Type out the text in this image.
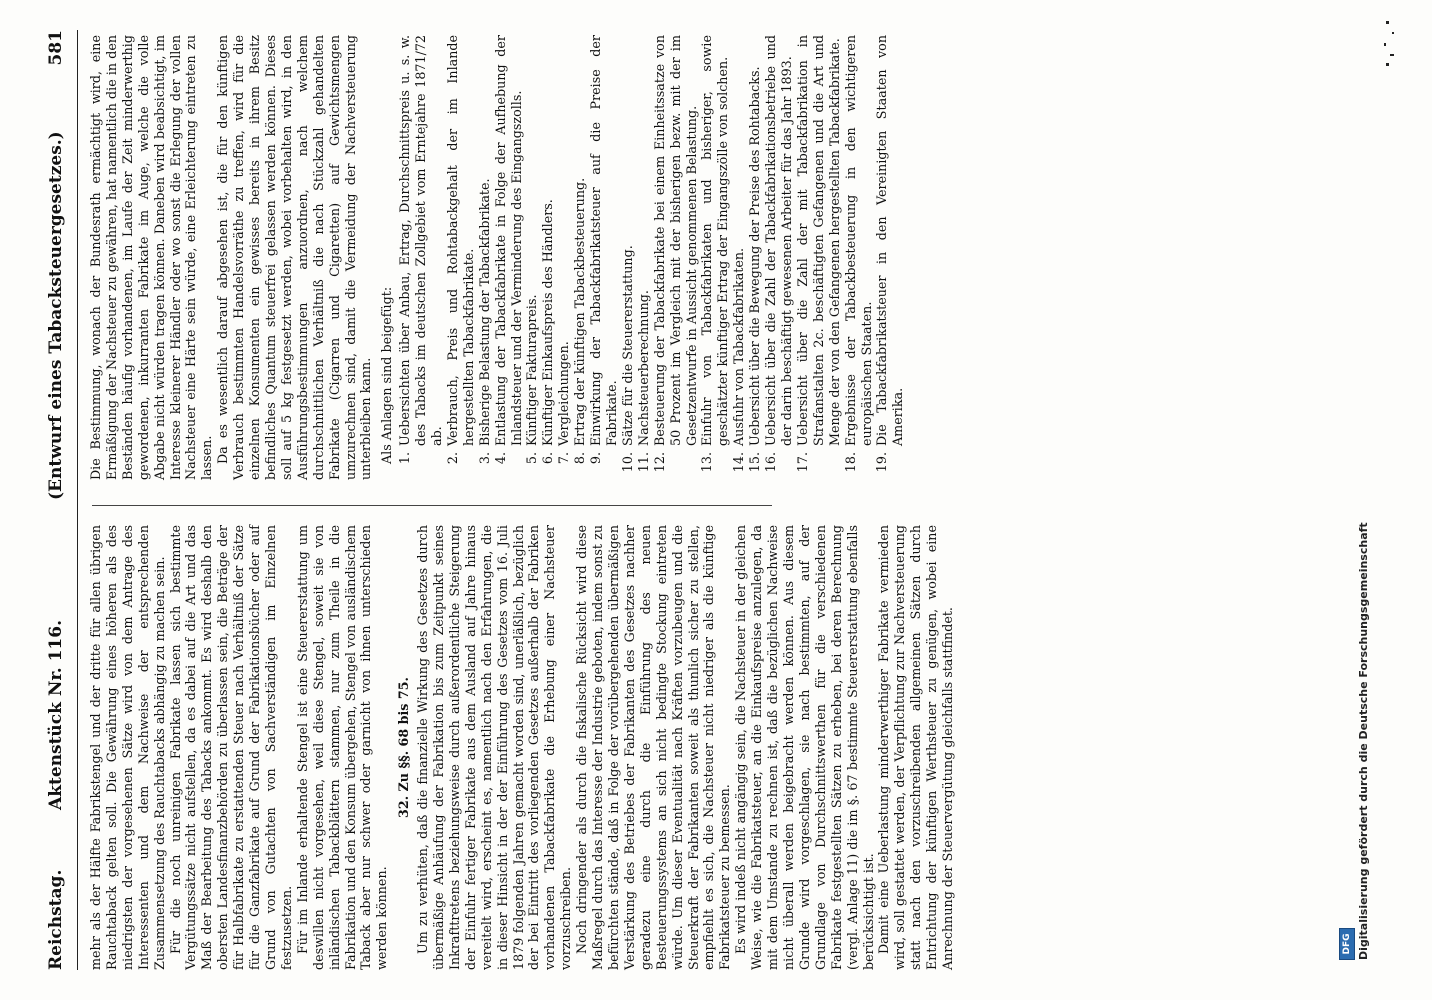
Reichstag.
Aktenstück Nr. 116.
(Entwurf eines Tabacksteuergesetzes.)
581

mehr als der Hälfte Fabrikstengel und der dritte für allen übrigen Rauchtaback gelten soll. Die Gewährung eines höheren als des niedrigsten der vorgesehenen Sätze wird von dem Antrage des Interessenten und dem Nachweise der entsprechenden Zusammensetzung des Rauchtabacks abhängig zu machen sein. Für die noch unreinigen Fabrikate lassen sich bestimmte Vergütungssätze nicht aufstellen, da es dabei auf die Art und das Maß der Bearbeitung des Tabacks ankommt. Es wird deshalb den obersten Landesfinanzbehörden zu überlassen sein, die Beträge der für Halbfabrikate zu erstattenden Steuer nach Verhältniß der Sätze für die Ganzfabrikate auf Grund der Fabrikationsbücher oder auf Grund von Gutachten von Sachverständigen im Einzelnen festzusetzen. Für im Inlande erhaltende Stengel ist eine Steuererstattung um deswillen nicht vorgesehen, weil diese Stengel, soweit sie von inländischen Tabackblättern stammen, nur zum Theile in die Fabrikation und den Konsum übergehen, Stengel von ausländischem Taback aber nur schwer oder garnicht von ihnen unterschieden werden können.

32. Zu §§. 68 bis 75. Um zu verhüten, daß die finanzielle Wirkung des Gesetzes durch übermäßige Anhäufung der Fabrikation bis zum Zeitpunkt seines Inkrafttretens beziehungsweise durch außerordentliche Steigerung der Einfuhr fertiger Fabrikate aus dem Ausland auf Jahre hinaus vereitelt wird, erscheint es, namentlich nach den Erfahrungen, die in dieser Hinsicht in der der Einführung des Gesetzes vom 16. Juli 1879 folgenden Jahren gemacht worden sind, unerläßlich, bezüglich der bei Eintritt des vorliegenden Gesetzes außerhalb der Fabriken vorhandenen Tabackfabrikate die Erhebung einer Nachsteuer vorzuschreiben. Noch dringender als durch die fiskalische Rücksicht wird diese Maßregel durch das Interesse der Industrie geboten, indem sonst zu befürchten stände, daß in Folge der vorübergehenden übermäßigen Verstärkung des Betriebes der Fabrikanten des Gesetzes nachher geradezu eine durch die Einführung des neuen Besteuerungssystems an sich nicht bedingte Stockung eintreten würde. Um dieser Eventualität nach Kräften vorzubeugen und die Steuerkraft der Fabrikanten soweit als thunlich sicher zu stellen, empfiehlt es sich, die Nachsteuer nicht niedriger als die künftige Fabrikatsteuer zu bemessen. Es wird indeß nicht angängig sein, die Nachsteuer in der gleichen Weise, wie die Fabrikatsteuer, an die Einkaufspreise anzulegen, da mit dem Umstande zu rechnen ist, daß die bezüglichen Nachweise nicht überall werden beigebracht werden können. Aus diesem Grunde wird vorgeschlagen, sie nach bestimmten, auf der Grundlage von Durchschnittswerthen für die verschiedenen Fabrikate festgestellten Sätzen zu erheben, bei deren Berechnung (vergl. Anlage 11) die im §. 67 bestimmte Steuererstattung ebenfalls berücksichtigt ist. Damit eine Ueberlastung minderwerthiger Fabrikate vermieden wird, soll gestattet werden, der Verpflichtung zur Nachversteuerung statt nach den vorzuschreibenden allgemeinen Sätzen durch Entrichtung der künftigen Werthsteuer zu genügen, wobei eine Anrechnung der Steuervergütung gleichfalls stattfindet.

Die Bestimmung, wonach der Bundesrath ermächtigt wird, eine Ermäßigung der Nachsteuer zu gewähren, hat namentlich die in den Beständen häufig vorhandenen, im Laufe der Zeit minderwerthig gewordenen, inkurranten Fabrikate im Auge, welche die volle Abgabe nicht würden tragen können. Daneben wird beabsichtigt, im Interesse kleinerer Händler oder wo sonst die Erlegung der vollen Nachsteuer eine Härte sein würde, eine Erleichterung eintreten zu lassen. Da es wesentlich darauf abgesehen ist, die für den künftigen Verbrauch bestimmten Handelsvorräthe zu treffen, wird für die einzelnen Konsumenten ein gewisses bereits in ihrem Besitz befindliches Quantum steuerfrei gelassen werden können. Dieses soll auf 5 kg festgesetzt werden, wobei vorbehalten wird, in den Ausführungsbestimmungen anzuordnen, nach welchem durchschnittlichen Verhältniß die nach Stückzahl gehandelten Fabrikate (Cigarren und Cigaretten) auf Gewichtsmengen umzurechnen sind, damit die Vermeidung der Nachversteuerung unterbleiben kann. Als Anlagen sind beigefügt: 1.
Uebersichten über Anbau, Ertrag, Durchschnittspreis u. s. w. des Tabacks im deutschen Zollgebiet vom Erntejahre 1871/72 ab.
2.
Verbrauch, Preis und Rohtabackgehalt der im Inlande hergestellten Tabackfabrikate.
3.
Bisherige Belastung der Tabackfabrikate.
4.
Entlastung der Tabackfabrikate in Folge der Aufhebung der Inlandsteuer und der Verminderung des Eingangszolls.
5.
Künftiger Fakturapreis.
6.
Künftiger Einkaufspreis des Händlers.
7.
Vergleichungen.
8.
Ertrag der künftigen Tabackbesteuerung.
9.
Einwirkung der Tabackfabrikatsteuer auf die Preise der Fabrikate.
10.
Sätze für die Steuererstattung.
11.
Nachsteuerberechnung.
12.
Besteuerung der Tabackfabrikate bei einem Einheitssatze von 50 Prozent im Vergleich mit der bisherigen bezw. mit der im Gesetzentwurfe in Aussicht genommenen Belastung.
13.
Einfuhr von Tabackfabrikaten und bisheriger, sowie geschätzter künftiger Ertrag der Eingangszölle von solchen.
14.
Ausfuhr von Tabackfabrikaten.
15.
Uebersicht über die Bewegung der Preise des Rohtabacks.
16.
Uebersicht über die Zahl der Tabackfabrikationsbetriebe und der darin beschäftigt gewesenen Arbeiter für das Jahr 1893.
17.
Uebersicht über die Zahl der mit Tabackfabrikation in Strafanstalten 2c. beschäftigten Gefangenen und die Art und Menge der von den Gefangenen hergestellten Tabackfabrikate.
18.
Ergebnisse der Tabackbesteuerung in den wichtigeren europäischen Staaten.
19.
Die Tabackfabrikatsteuer in den Vereinigten Staaten von Amerika.
DFG Digitalisierung gefördert durch die Deutsche Forschungsgemeinschaft
